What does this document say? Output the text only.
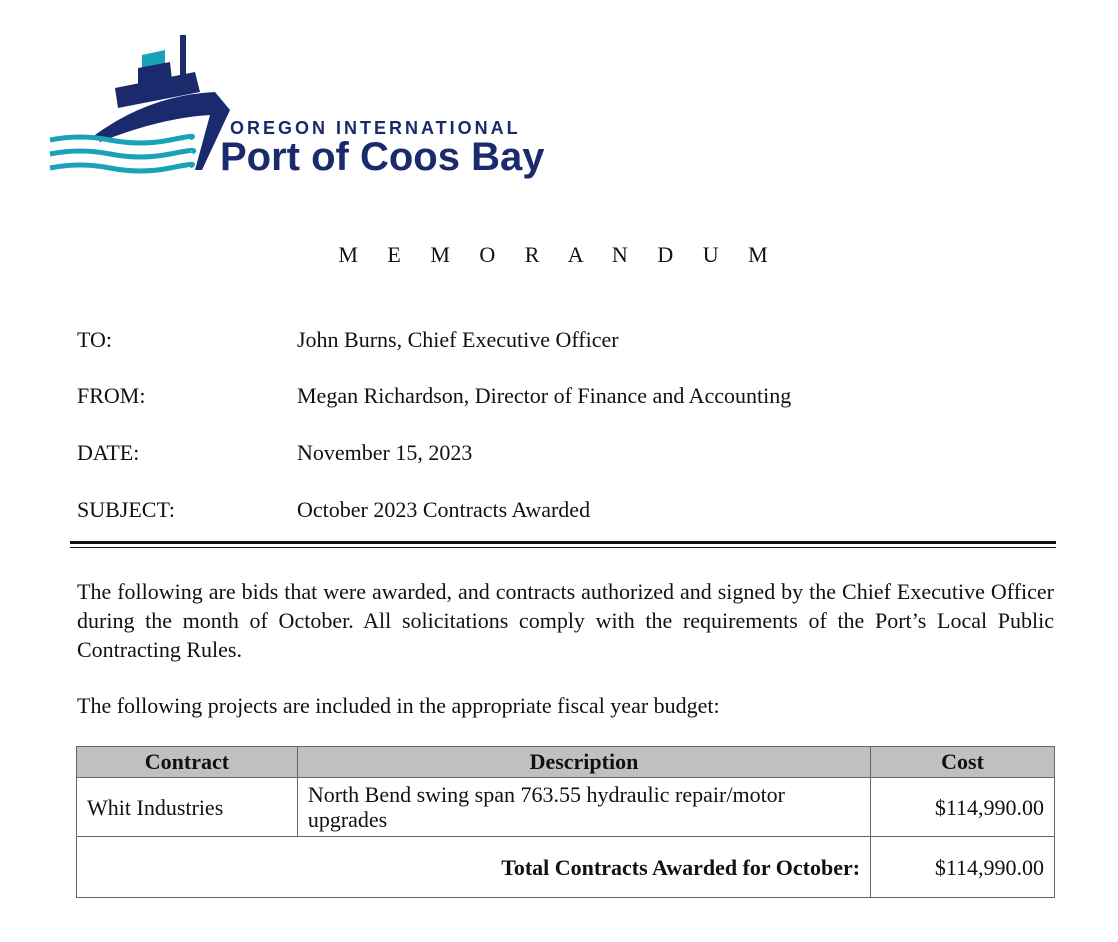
OREGON INTERNATIONAL
Port of Coos Bay
M E M O R A N D U M
TO:	John Burns, Chief Executive Officer
FROM:	Megan Richardson, Director of Finance and Accounting
DATE:	November 15, 2023
SUBJECT:	October 2023 Contracts Awarded

The following are bids that were awarded, and contracts authorized and signed by the Chief Executive Officer during the month of October. All solicitations comply with the requirements of the Port’s Local Public Contracting Rules.

The following projects are included in the appropriate fiscal year budget:

Contract	Description	Cost
Whit Industries	North Bend swing span 763.55 hydraulic repair/motor upgrades	$114,990.00
Total Contracts Awarded for October:		$114,990.00
